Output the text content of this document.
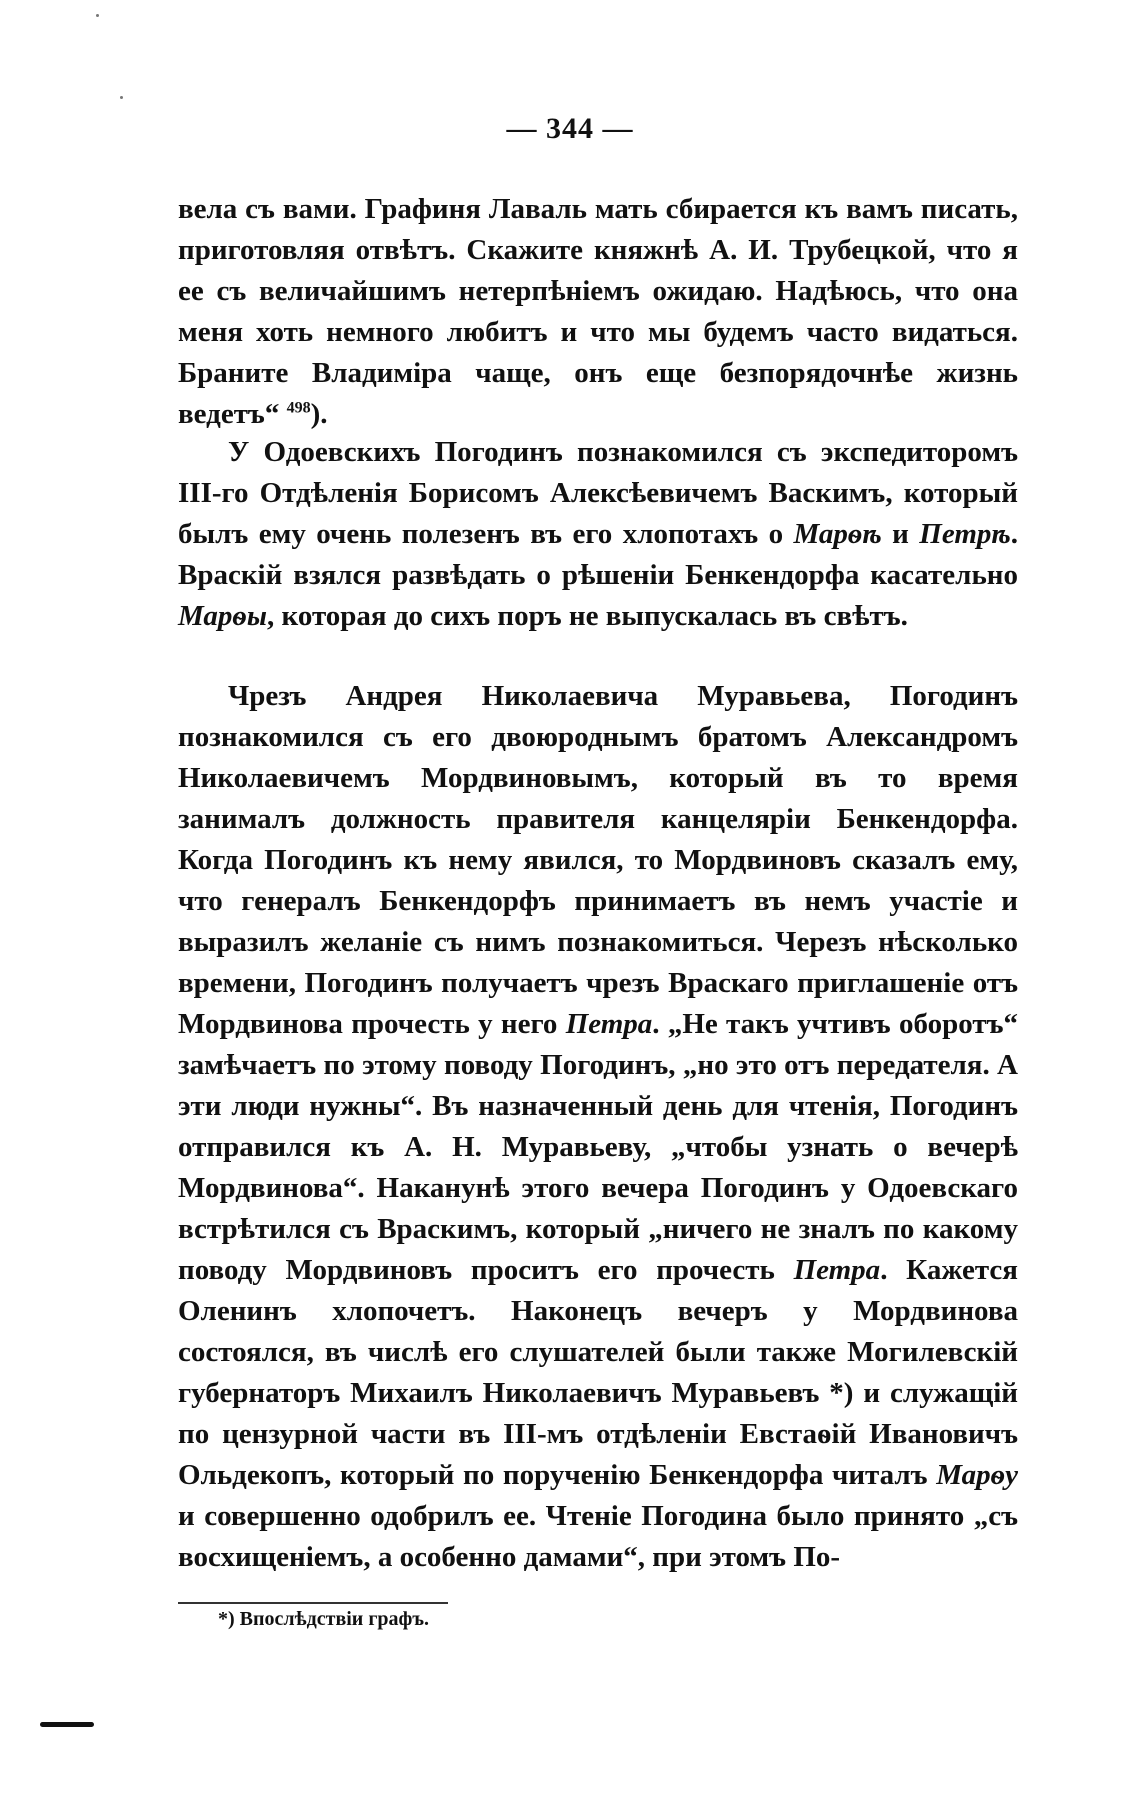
— 344 —

вела съ вами. Графиня Лаваль мать сбирается къ вамъ писать, приготовляя отвѣтъ. Скажите княжнѣ А. И. Трубецкой, что я ее съ величайшимъ нетерпѣніемъ ожидаю. Надѣюсь, что она меня хоть немного любитъ и что мы будемъ часто видаться. Браните Владиміра чаще, онъ еще безпорядочнѣе жизнь ведетъ“ $^{498}$).

У Одоевскихъ Погодинъ познакомился съ экспедиторомъ III-го Отдѣленія Борисомъ Алексѣевичемъ Васкимъ, который былъ ему очень полезенъ въ его хлопотахъ о Марѳѣ и Петрѣ. Враскій взялся развѣдать о рѣшеніи Бенкендорфа касательно Марѳы, которая до сихъ поръ не выпускалась въ свѣтъ.

Чрезъ Андрея Николаевича Муравьева, Погодинъ познакомился съ его двоюроднымъ братомъ Александромъ Николаевичемъ Мордвиновымъ, который въ то время занималъ должность правителя канцеляріи Бенкендорфа. Когда Погодинъ къ нему явился, то Мордвиновъ сказалъ ему, что генералъ Бенкендорфъ принимаетъ въ немъ участіе и выразилъ желаніе съ нимъ познакомиться. Черезъ нѣсколько времени, Погодинъ получаетъ чрезъ Враскаго приглашеніе отъ Мордвинова прочесть у него Петра. „Не такъ учтивъ оборотъ“ замѣчаетъ по этому поводу Погодинъ, „но это отъ передателя. А эти люди нужны“. Въ назначенный день для чтенія, Погодинъ отправился къ А. Н. Муравьеву, „чтобы узнать о вечерѣ Мордвинова“. Наканунѣ этого вечера Погодинъ у Одоевскаго встрѣтился съ Враскимъ, который „ничего не зналъ по какому поводу Мордвиновъ проситъ его прочесть Петра. Кажется Оленинъ хлопочетъ. Наконецъ вечеръ у Мордвинова состоялся, въ числѣ его слушателей были также Могилевскій губернаторъ Михаилъ Николаевичъ Муравьевъ *) и служащій по цензурной части въ III-мъ отдѣленіи Евстаѳій Ивановичъ Ольдекопъ, который по порученію Бенкендорфа читалъ Марѳу и совершенно одобрилъ ее. Чтеніе Погодина было принято „съ восхищеніемъ, а особенно дамами“, при этомъ По-

*) Впослѣдствіи графъ.
